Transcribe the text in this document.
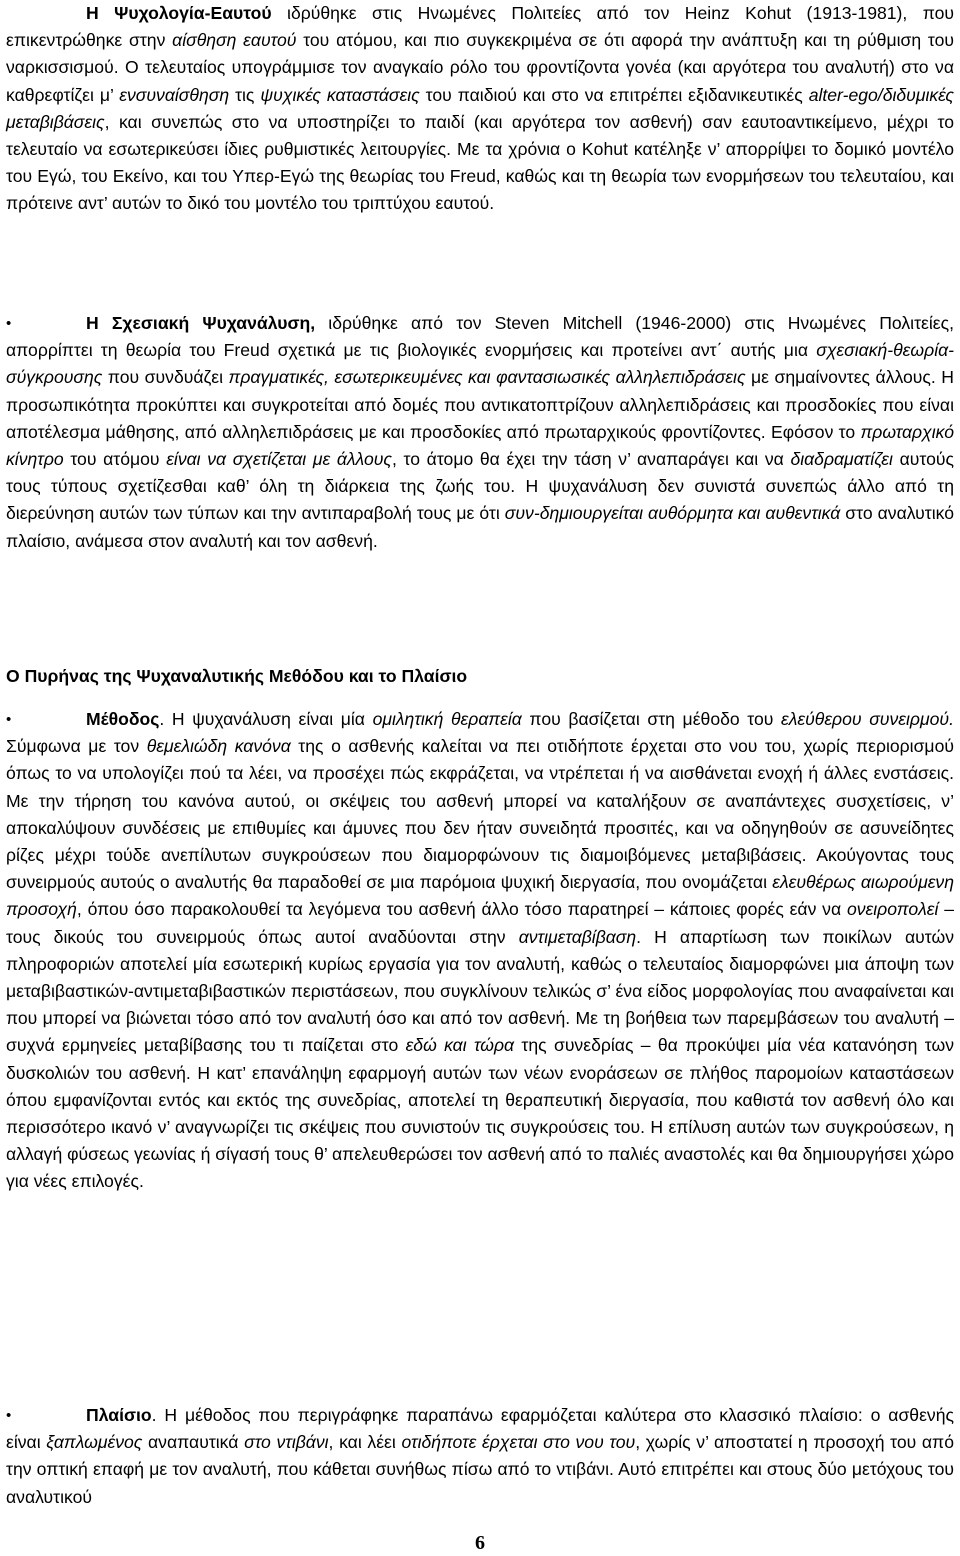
Η Ψυχολογία-Εαυτού ιδρύθηκε στις Ηνωμένες Πολιτείες από τον Heinz Kohut (1913-1981), που επικεντρώθηκε στην αίσθηση εαυτού του ατόμου, και πιο συγκεκριμένα σε ότι αφορά την ανάπτυξη και τη ρύθμιση του ναρκισσισμού. Ο τελευταίος υπογράμμισε τον αναγκαίο ρόλο του φροντίζοντα γονέα (και αργότερα του αναλυτή) στο να καθρεφτίζει μ’ ενσυναίσθηση τις ψυχικές καταστάσεις του παιδιού και στο να επιτρέπει εξιδανικευτικές alter-ego/διδυμικές μεταβιβάσεις, και συνεπώς στο να υποστηρίζει το παιδί (και αργότερα τον ασθενή) σαν εαυτοαντικείμενο, μέχρι το τελευταίο να εσωτερικεύσει ίδιες ρυθμιστικές λειτουργίες. Με τα χρόνια ο Kohut κατέληξε ν’ απορρίψει το δομικό μοντέλο του Εγώ, του Εκείνο, και του Υπερ-Εγώ της θεωρίας του Freud, καθώς και τη θεωρία των ενορμήσεων του τελευταίου, και πρότεινε αντ’ αυτών το δικό του μοντέλο του τριπτύχου εαυτού.
•	Η Σχεσιακή Ψυχανάλυση, ιδρύθηκε από τον Steven Mitchell (1946-2000) στις Ηνωμένες Πολιτείες, απορρίπτει τη θεωρία του Freud σχετικά με τις βιολογικές ενορμήσεις και προτείνει αντ΄ αυτής μια σχεσιακή-θεωρία-σύγκρουσης που συνδυάζει πραγματικές, εσωτερικευμένες και φαντασιωσικές αλληλεπιδράσεις με σημαίνοντες άλλους. Η προσωπικότητα προκύπτει και συγκροτείται από δομές που αντικατοπτρίζουν αλληλεπιδράσεις και προσδοκίες που είναι αποτέλεσμα μάθησης, από αλληλεπιδράσεις με και προσδοκίες από πρωταρχικούς φροντίζοντες. Εφόσον το πρωταρχικό κίνητρο του ατόμου είναι να σχετίζεται με άλλους, το άτομο θα έχει την τάση ν’ αναπαράγει και να διαδραματίζει αυτούς τους τύπους σχετίζεσθαι καθ’ όλη τη διάρκεια της ζωής του. Η ψυχανάλυση δεν συνιστά συνεπώς άλλο από τη διερεύνηση αυτών των τύπων και την αντιπαραβολή τους με ότι συν-δημιουργείται αυθόρμητα και αυθεντικά στο αναλυτικό πλαίσιο, ανάμεσα στον αναλυτή και τον ασθενή.
Ο Πυρήνας της Ψυχαναλυτικής Μεθόδου και το Πλαίσιο
•	Μέθοδος. Η ψυχανάλυση είναι μία ομιλητική θεραπεία που βασίζεται στη μέθοδο του ελεύθερου συνειρμού. Σύμφωνα με τον θεμελιώδη κανόνα της ο ασθενής καλείται να πει οτιδήποτε έρχεται στο νου του, χωρίς περιορισμού όπως το να υπολογίζει πού τα λέει, να προσέχει πώς εκφράζεται, να ντρέπεται ή να αισθάνεται ενοχή ή άλλες ενστάσεις. Με την τήρηση του κανόνα αυτού, οι σκέψεις του ασθενή μπορεί να καταλήξουν σε αναπάντεχες συσχετίσεις, ν’ αποκαλύψουν συνδέσεις με επιθυμίες και άμυνες που δεν ήταν συνειδητά προσιτές, και να οδηγηθούν σε ασυνείδητες ρίζες μέχρι τούδε ανεπίλυτων συγκρούσεων που διαμορφώνουν τις διαμοιβόμενες μεταβιβάσεις. Ακούγοντας τους συνειρμούς αυτούς ο αναλυτής θα παραδοθεί σε μια παρόμοια ψυχική διεργασία, που ονομάζεται ελευθέρως αιωρούμενη προσοχή, όπου όσο παρακολουθεί τα λεγόμενα του ασθενή άλλο τόσο παρατηρεί – κάποιες φορές εάν να ονειροπολεί – τους δικούς του συνειρμούς όπως αυτοί αναδύονται στην αντιμεταβίβαση. Η απαρτίωση των ποικίλων αυτών πληροφοριών αποτελεί μία εσωτερική κυρίως εργασία για τον αναλυτή, καθώς ο τελευταίος διαμορφώνει μια άποψη των μεταβιβαστικών-αντιμεταβιβαστικών περιστάσεων, που συγκλίνουν τελικώς σ’ ένα είδος μορφολογίας που αναφαίνεται και που μπορεί να βιώνεται τόσο από τον αναλυτή όσο και από τον ασθενή. Με τη βοήθεια των παρεμβάσεων του αναλυτή – συχνά ερμηνείες μεταβίβασης του τι παίζεται στο εδώ και τώρα της συνεδρίας – θα προκύψει μία νέα κατανόηση των δυσκολιών του ασθενή. Η κατ’ επανάληψη εφαρμογή αυτών των νέων ενοράσεων σε πλήθος παρομοίων καταστάσεων όπου εμφανίζονται εντός και εκτός της συνεδρίας, αποτελεί τη θεραπευτική διεργασία, που καθιστά τον ασθενή όλο και περισσότερο ικανό ν’ αναγνωρίζει τις σκέψεις που συνιστούν τις συγκρούσεις του. Η επίλυση αυτών των συγκρούσεων, η αλλαγή φύσεως γεωνίας ή σίγασή τους θ’ απελευθερώσει τον ασθενή από το παλιές αναστολές και θα δημιουργήσει χώρο για νέες επιλογές.
•	Πλαίσιο. Η μέθοδος που περιγράφηκε παραπάνω εφαρμόζεται καλύτερα στο κλασσικό πλαίσιο: ο ασθενής είναι ξαπλωμένος αναπαυτικά στο ντιβάνι, και λέει οτιδήποτε έρχεται στο νου του, χωρίς ν’ αποστατεί η προσοχή του από την οπτική επαφή με τον αναλυτή, που κάθεται συνήθως πίσω από το ντιβάνι. Αυτό επιτρέπει και στους δύο μετόχους του αναλυτικού
6
